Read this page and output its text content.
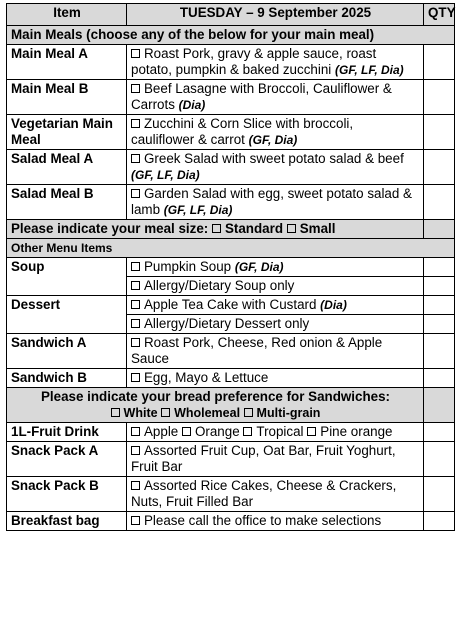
Item	TUESDAY – 9 September 2025	QTY
Main Meals (choose any of the below for your main meal)		
Main Meal A	Roast Pork, gravy & apple sauce, roast potato, pumpkin & baked zucchini (GF, LF, Dia)	
Main Meal B	Beef Lasagne with Broccoli, Cauliflower & Carrots (Dia)	
Vegetarian Main Meal	Zucchini & Corn Slice with broccoli, cauliflower & carrot (GF, Dia)	
Salad Meal A	Greek Salad with sweet potato salad & beef (GF, LF, Dia)	
Salad Meal B	Garden Salad with egg, sweet potato salad & lamb (GF, LF, Dia)	
Please indicate your meal size: Standard Small		
Other Menu Items		
Soup	Pumpkin Soup (GF, Dia)	
	Allergy/Dietary Soup only	
Dessert	Apple Tea Cake with Custard (Dia)	
	Allergy/Dietary Dessert only	
Sandwich A	Roast Pork, Cheese, Red onion & Apple Sauce	
Sandwich B	Egg, Mayo & Lettuce	

Please indicate your bread preference for Sandwiches:
White Wholemeal Multi-grain		

1L-Fruit Drink	Apple Orange Tropical Pine orange	
Snack Pack A	Assorted Fruit Cup, Oat Bar, Fruit Yoghurt, Fruit Bar	
Snack Pack B	Assorted Rice Cakes, Cheese & Crackers, Nuts, Fruit Filled Bar	
Breakfast bag	Please call the office to make selections	
